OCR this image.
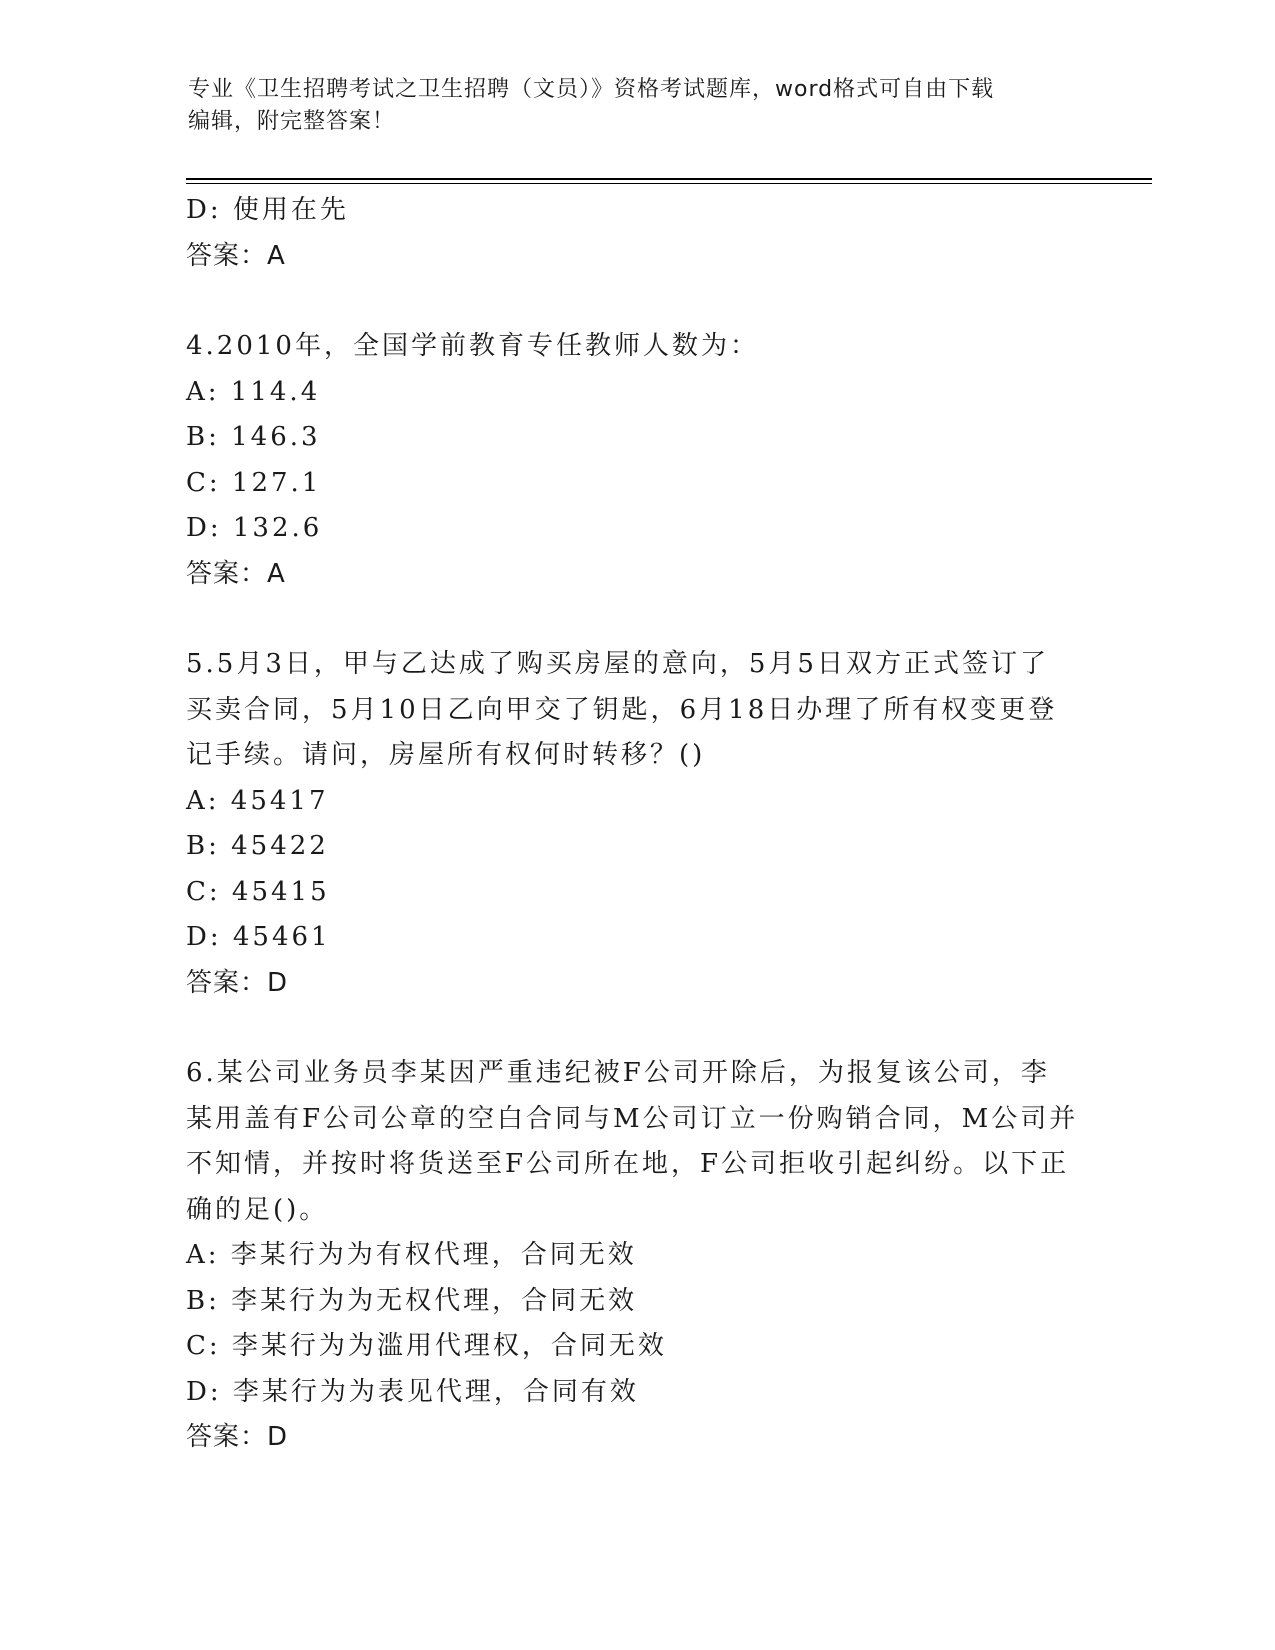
专业《卫生招聘考试之卫生招聘（文员）》资格考试题库，word格式可自由下载
编辑，附完整答案！
D: 使用在先
答案：A
4.2010年，全国学前教育专任教师人数为：
A: 114.4
B: 146.3
C: 127.1
D: 132.6
答案：A
5.5月3日，甲与乙达成了购买房屋的意向，5月5日双方正式签订了
买卖合同，5月10日乙向甲交了钥匙，6月18日办理了所有权变更登
记手续。请问，房屋所有权何时转移？()
A: 45417
B: 45422
C: 45415
D: 45461
答案：D
6.某公司业务员李某因严重违纪被F公司开除后，为报复该公司，李
某用盖有F公司公章的空白合同与M公司订立一份购销合同，M公司并
不知情，并按时将货送至F公司所在地，F公司拒收引起纠纷。以下正
确的足()。
A: 李某行为为有权代理，合同无效
B: 李某行为为无权代理，合同无效
C: 李某行为为滥用代理权，合同无效
D: 李某行为为表见代理，合同有效
答案：D
